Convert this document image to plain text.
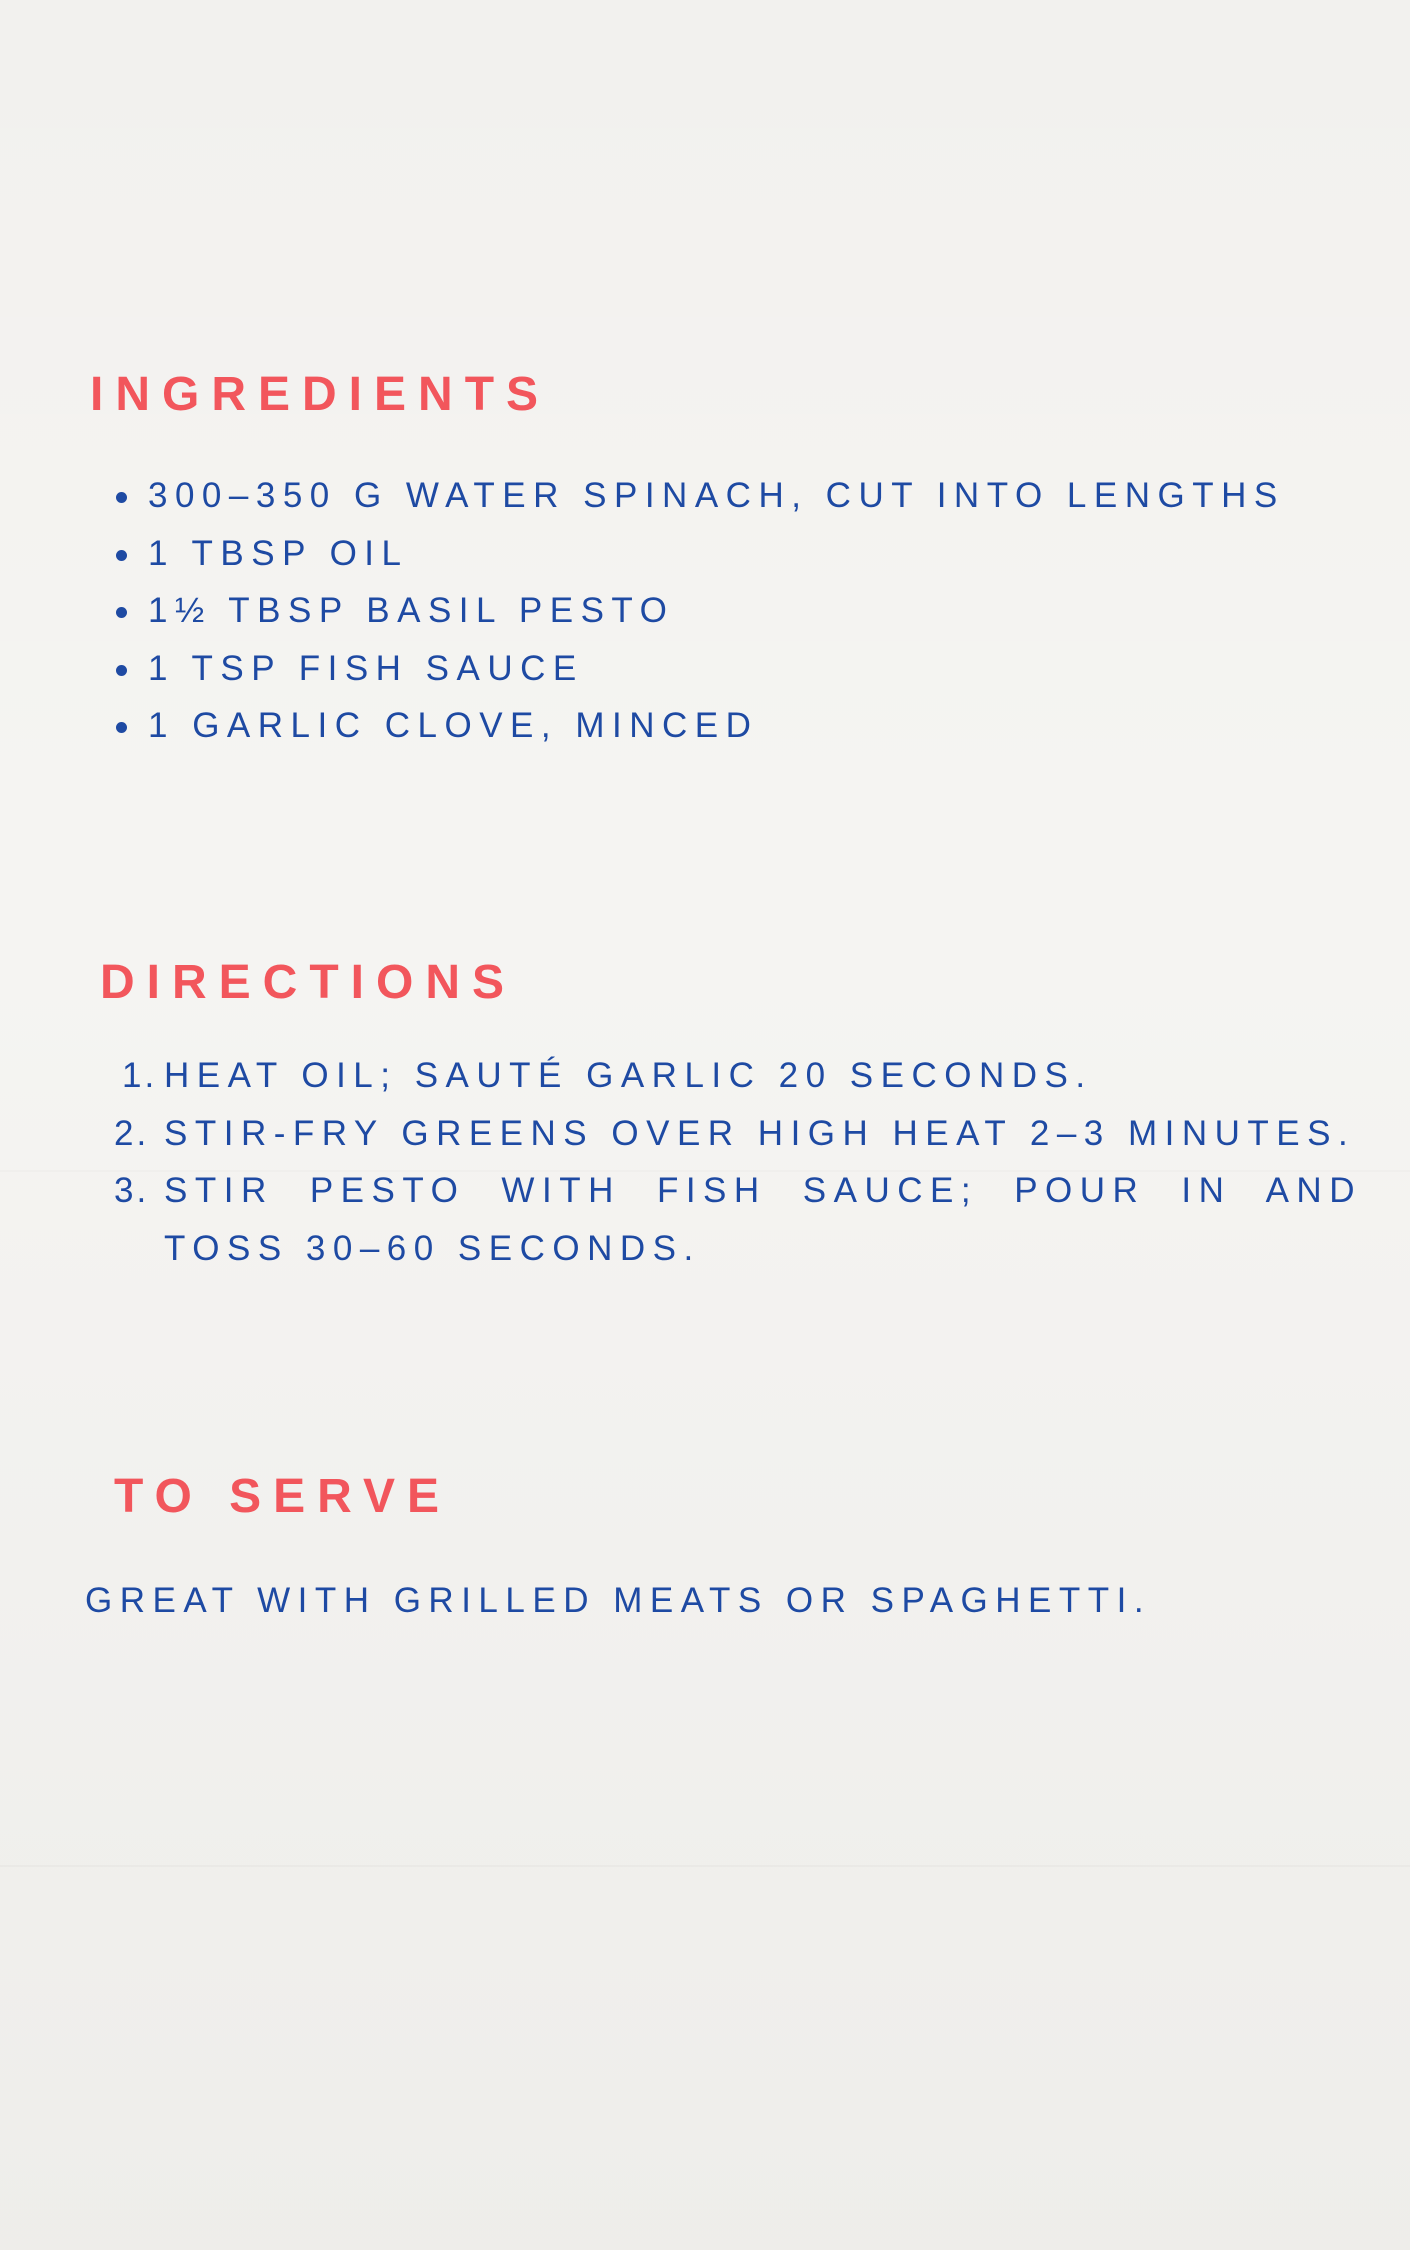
INGREDIENTS
300–350 G WATER SPINACH, CUT INTO LENGTHS
1 TBSP OIL
1½ TBSP BASIL PESTO
1 TSP FISH SAUCE
1 GARLIC CLOVE, MINCED
DIRECTIONS
1. HEAT OIL; SAUTÉ GARLIC 20 SECONDS.
2. STIR-FRY GREENS OVER HIGH HEAT 2–3 MINUTES.
3. STIR PESTO WITH FISH SAUCE; POUR IN AND TOSS 30–60 SECONDS.
TO SERVE

GREAT WITH GRILLED MEATS OR SPAGHETTI.
